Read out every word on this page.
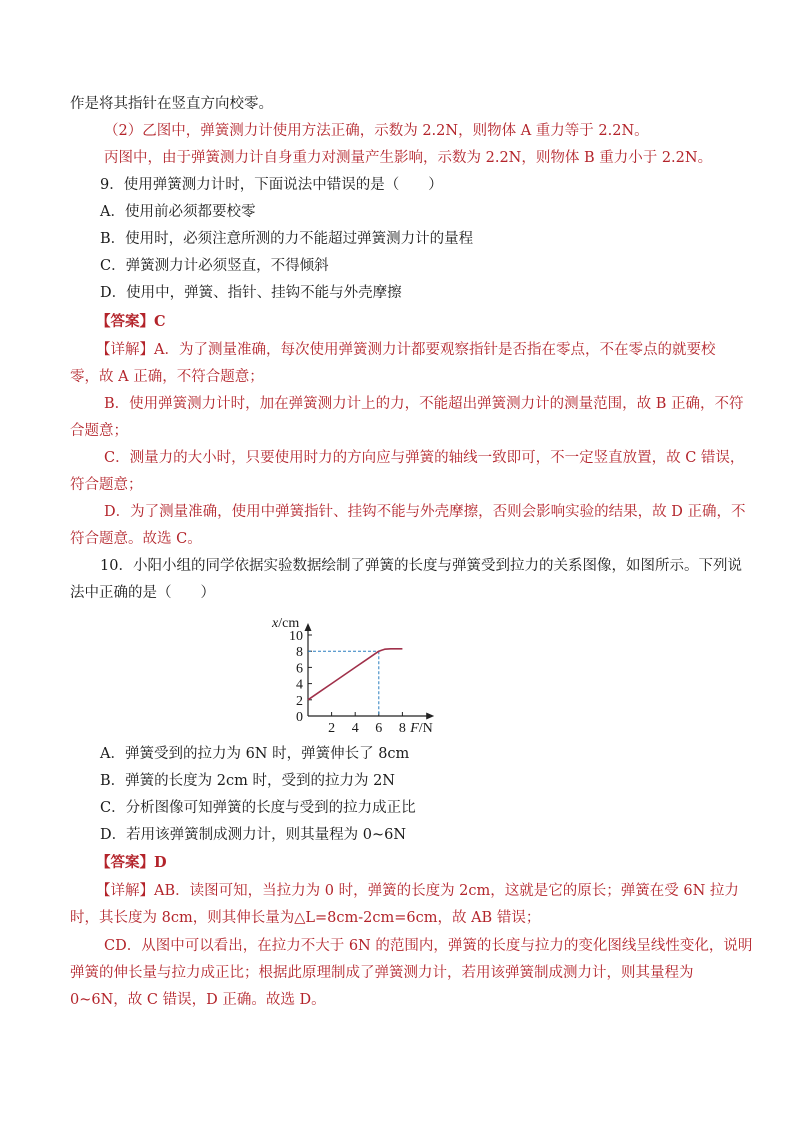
作是将其指针在竖直方向校零。
（2）乙图中，弹簧测力计使用方法正确，示数为 2.2N，则物体 A 重力等于 2.2N。
丙图中，由于弹簧测力计自身重力对测量产生影响，示数为 2.2N，则物体 B 重力小于 2.2N。
9．使用弹簧测力计时，下面说法中错误的是（　　）
A．使用前必须都要校零
B．使用时，必须注意所测的力不能超过弹簧测力计的量程
C．弹簧测力计必须竖直，不得倾斜
D．使用中，弹簧、指针、挂钩不能与外壳摩擦
【答案】C
【详解】A．为了测量准确，每次使用弹簧测力计都要观察指针是否指在零点，不在零点的就要校
零，故 A 正确，不符合题意；
B．使用弹簧测力计时，加在弹簧测力计上的力，不能超出弹簧测力计的测量范围，故 B 正确，不符
合题意；
C．测量力的大小时，只要使用时力的方向应与弹簧的轴线一致即可，不一定竖直放置，故 C 错误，
符合题意；
D．为了测量准确，使用中弹簧指针、挂钩不能与外壳摩擦，否则会影响实验的结果，故 D 正确，不
符合题意。故选 C。
10．小阳小组的同学依据实验数据绘制了弹簧的长度与弹簧受到拉力的关系图像，如图所示。下列说
法中正确的是（　　）
0
2
4
6
8
10
2 4 6 8
x/cm
F/N
A．弹簧受到的拉力为 6N 时，弹簧伸长了 8cm
B．弹簧的长度为 2cm 时，受到的拉力为 2N
C．分析图像可知弹簧的长度与受到的拉力成正比
D．若用该弹簧制成测力计，则其量程为 0~6N
【答案】D
【详解】AB．读图可知，当拉力为 0 时，弹簧的长度为 2cm，这就是它的原长；弹簧在受 6N 拉力
时，其长度为 8cm，则其伸长量为△L=8cm-2cm=6cm，故 AB 错误；
CD．从图中可以看出，在拉力不大于 6N 的范围内，弹簧的长度与拉力的变化图线呈线性变化，说明
弹簧的伸长量与拉力成正比；根据此原理制成了弹簧测力计，若用该弹簧制成测力计，则其量程为
0~6N，故 C 错误，D 正确。故选 D。
